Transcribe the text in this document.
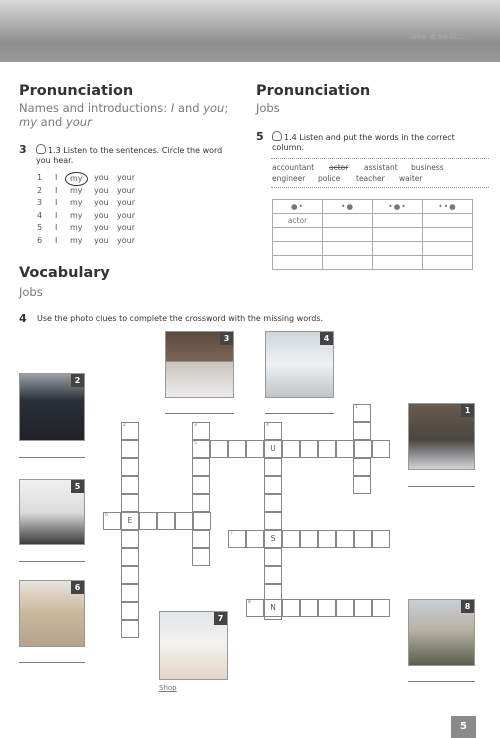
Take a seat...
Pronunciation
Names and introductions: I and you;
my and your
3	1.3 Listen to the sentences. Circle the word
you hear.
1 I	my	you your
2 I my you your
3 I my you your
4 I my you your
5 I my you your
6 I my you your
Pronunciation
Jobs
5	1.4 Listen and put the words in the correct
column.
accountant actor assistant business
engineer police teacher waiter
●•	•●	•●•	••●
actor			

Vocabulary
Jobs
4 Use the photo clues to complete the crossword with the missing words.
3	4
2
1
5
6
7
Shop
8
1
2
E
3
5
4
U
S
6
7
8
N
5
